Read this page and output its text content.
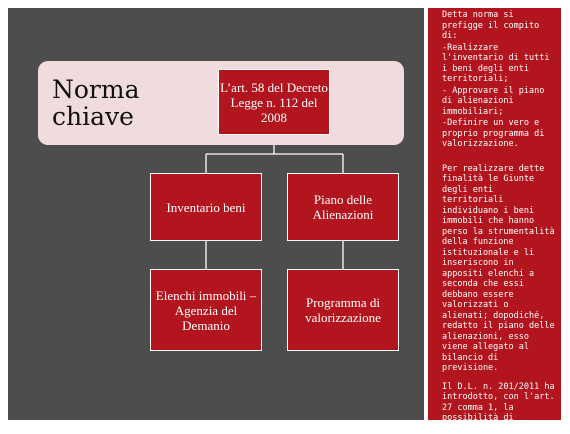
Norma chiave
L’art. 58 del Decreto Legge n. 112 del 2008
Inventario beni	Piano delle Alienazioni
Elenchi immobili – Agenzia del Demanio
Programma di valorizzazione

Detta norma si prefigge il compito di:

-Realizzare l'inventario di tutti i beni degli enti territoriali;

- Approvare il piano di alienazioni immobiliari;

-Definire un vero e proprio programma di valorizzazione.

Per realizzare dette finalità le Giunte degli enti territoriali individuano i beni immobili che hanno perso la strumentalità della funzione istituzionale e li inseriscono in appositi elenchi a seconda che essi debbano essere valorizzati o alienati; dopodiché, redatto il piano delle alienazioni, esso viene allegato al bilancio di previsione.

Il D.L. n. 201/2011 ha introdotto, con l'art. 27 comma 1, la possibilità di inserire
